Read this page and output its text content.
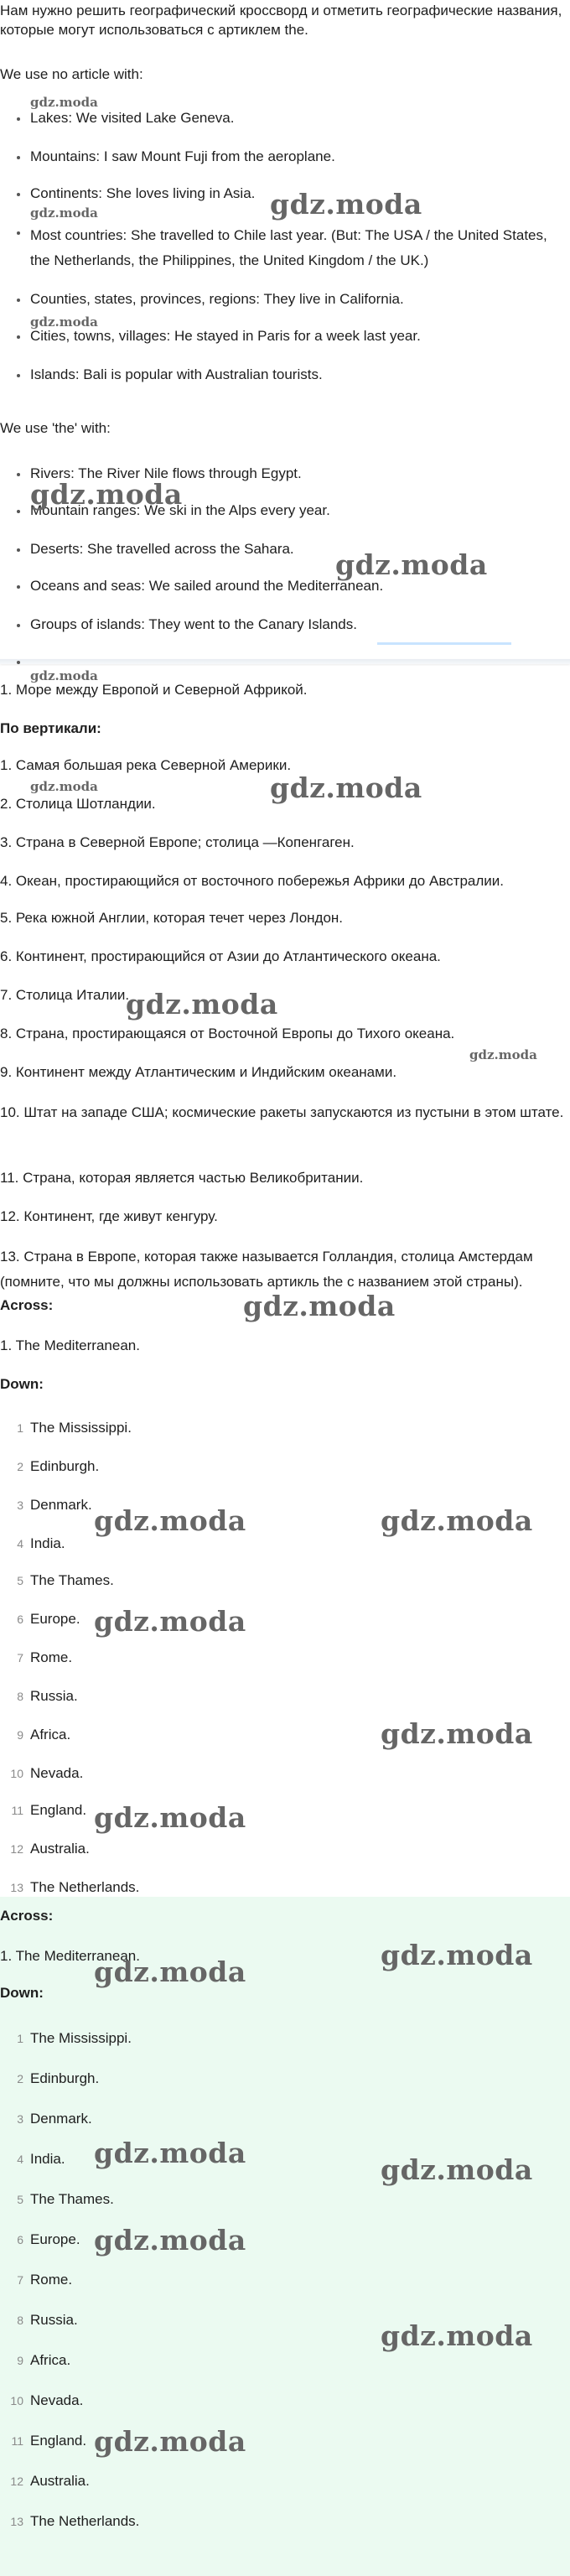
Нам нужно решить географический кроссворд и отметить географические названия, которые могут использоваться с артиклем the.
We use no article with:
Lakes: We visited Lake Geneva.
Mountains: I saw Mount Fuji from the aeroplane.
Continents: She loves living in Asia.
Most countries: She travelled to Chile last year. (But: The USA / the United States, the Netherlands, the Philippines, the United Kingdom / the UK.)
Counties, states, provinces, regions: They live in California.
Cities, towns, villages: He stayed in Paris for a week last year.
Islands: Bali is popular with Australian tourists.
We use 'the' with:
Rivers: The River Nile flows through Egypt.
Mountain ranges: We ski in the Alps every year.
Deserts: She travelled across the Sahara.
Oceans and seas: We sailed around the Mediterranean.
Groups of islands: They went to the Canary Islands.
1. Море между Европой и Северной Африкой.
По вертикали:
1. Самая большая река Северной Америки.
2. Столица Шотландии.
3. Страна в Северной Европе; столица —Копенгаген.
4. Океан, простирающийся от восточного побережья Африки до Австралии.
5. Река южной Англии, которая течет через Лондон.
6. Континент, простирающийся от Азии до Атлантического океана.
7. Столица Италии.
8. Страна, простирающаяся от Восточной Европы до Тихого океана.
9. Континент между Атлантическим и Индийским океанами.
10. Штат на западе США; космические ракеты запускаются из пустыни в этом штате.
11. Страна, которая является частью Великобритании.
12. Континент, где живут кенгуру.
13. Страна в Европе, которая также называется Голландия, столица Амстердам (помните, что мы должны использовать артикль the с названием этой страны).
Across:
1. The Mediterranean.
Down:
1 The Mississippi.
2 Edinburgh.
3 Denmark.
4 India.
5 The Thames.
6 Europe.
7 Rome.
8 Russia.
9 Africa.
10 Nevada.
11 England.
12 Australia.
13 The Netherlands.
Across:
1. The Mediterranean.
Down:
1 The Mississippi.
2 Edinburgh.
3 Denmark.
4 India.
5 The Thames.
6 Europe.
7 Rome.
8 Russia.
9 Africa.
10 Nevada.
11 England.
12 Australia.
13 The Netherlands.
gdz.moda
gdz.moda
gdz.moda
gdz.moda
gdz.moda
gdz.moda
gdz.moda
gdz.moda	gdz.moda
gdz.moda
gdz.moda
gdz.moda
gdz.moda	gdz.moda
gdz.moda
gdz.moda
gdz.moda
gdz.moda
gdz.moda
gdz.moda
gdz.moda
gdz.moda
gdz.moda
gdz.moda
